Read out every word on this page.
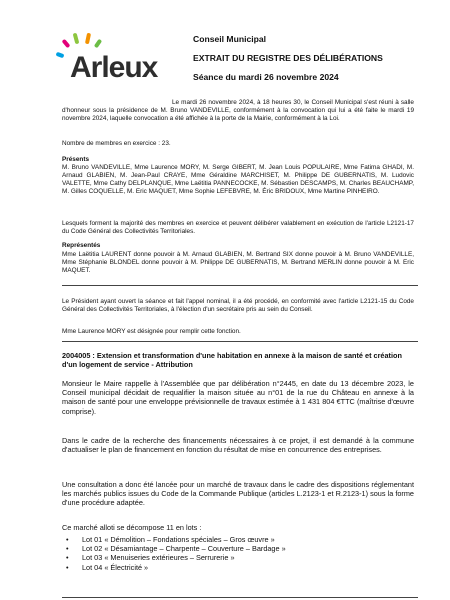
Arleux
Conseil Municipal
EXTRAIT DU REGISTRE DES DÉLIBÉRATIONS
Séance du mardi 26 novembre 2024
Le mardi 26 novembre 2024, à 18 heures 30, le Conseil Municipal s'est réuni à salle d'honneur sous la présidence de M. Bruno VANDEVILLE, conformément à la convocation qui lui a été faite le mardi 19 novembre 2024, laquelle convocation a été affichée à la porte de la Mairie, conformément à la Loi.
Nombre de membres en exercice : 23.
Présents
M. Bruno VANDEVILLE, Mme Laurence MORY, M. Serge GIBERT, M. Jean Louis POPULAIRE, Mme Fatima GHADI, M. Arnaud GLABIEN, M. Jean-Paul CRAYE, Mme Géraldine MARCHISET, M. Philippe DE GUBERNATIS, M. Ludovic VALETTE, Mme Cathy DELPLANQUE, Mme Laëtitia PANNECOCKE, M. Sébastien DESCAMPS, M. Charles BEAUCHAMP, M. Gilles COQUELLE, M. Eric MAQUET, Mme Sophie LEFEBVRE, M. Éric BRIDOUX, Mme Martine PINHEIRO.
Lesquels forment la majorité des membres en exercice et peuvent délibérer valablement en exécution de l'article L2121-17 du Code Général des Collectivités Territoriales.
Représentés
Mme Laëtitia LAURENT donne pouvoir à M. Arnaud GLABIEN, M. Bertrand SIX donne pouvoir à M. Bruno VANDEVILLE, Mme Stéphanie BLONDEL donne pouvoir à M. Philippe DE GUBERNATIS, M. Bertrand MERLIN donne pouvoir à M. Eric MAQUET.
Le Président ayant ouvert la séance et fait l'appel nominal, il a été procédé, en conformité avec l'article L2121-15 du Code Général des Collectivités Territoriales, à l'élection d'un secrétaire pris au sein du Conseil.
Mme Laurence MORY est désignée pour remplir cette fonction.
2004005 : Extension et transformation d'une habitation en annexe à la maison de santé et création d'un logement de service - Attribution
Monsieur le Maire rappelle à l'Assemblée que par délibération n°2445, en date du 13 décembre 2023, le Conseil municipal décidait de requalifier la maison située au n°01 de la rue du Château en annexe à la maison de santé pour une enveloppe prévisionnelle de travaux estimée à 1 431 804 €TTC (maîtrise d'œuvre comprise).
Dans le cadre de la recherche des financements nécessaires à ce projet, il est demandé à la commune d'actualiser le plan de financement en fonction du résultat de mise en concurrence des entreprises.
Une consultation a donc été lancée pour un marché de travaux dans le cadre des dispositions réglementant les marchés publics issues du Code de la Commande Publique (articles L.2123-1 et R.2123-1) sous la forme d'une procédure adaptée.
Ce marché alloti se décompose 11 en lots :
• Lot 01 « Démolition – Fondations spéciales – Gros œuvre »
• Lot 02 « Désamiantage – Charpente – Couverture – Bardage »
• Lot 03 « Menuiseries extérieures – Serrurerie »
• Lot 04 « Électricité »
